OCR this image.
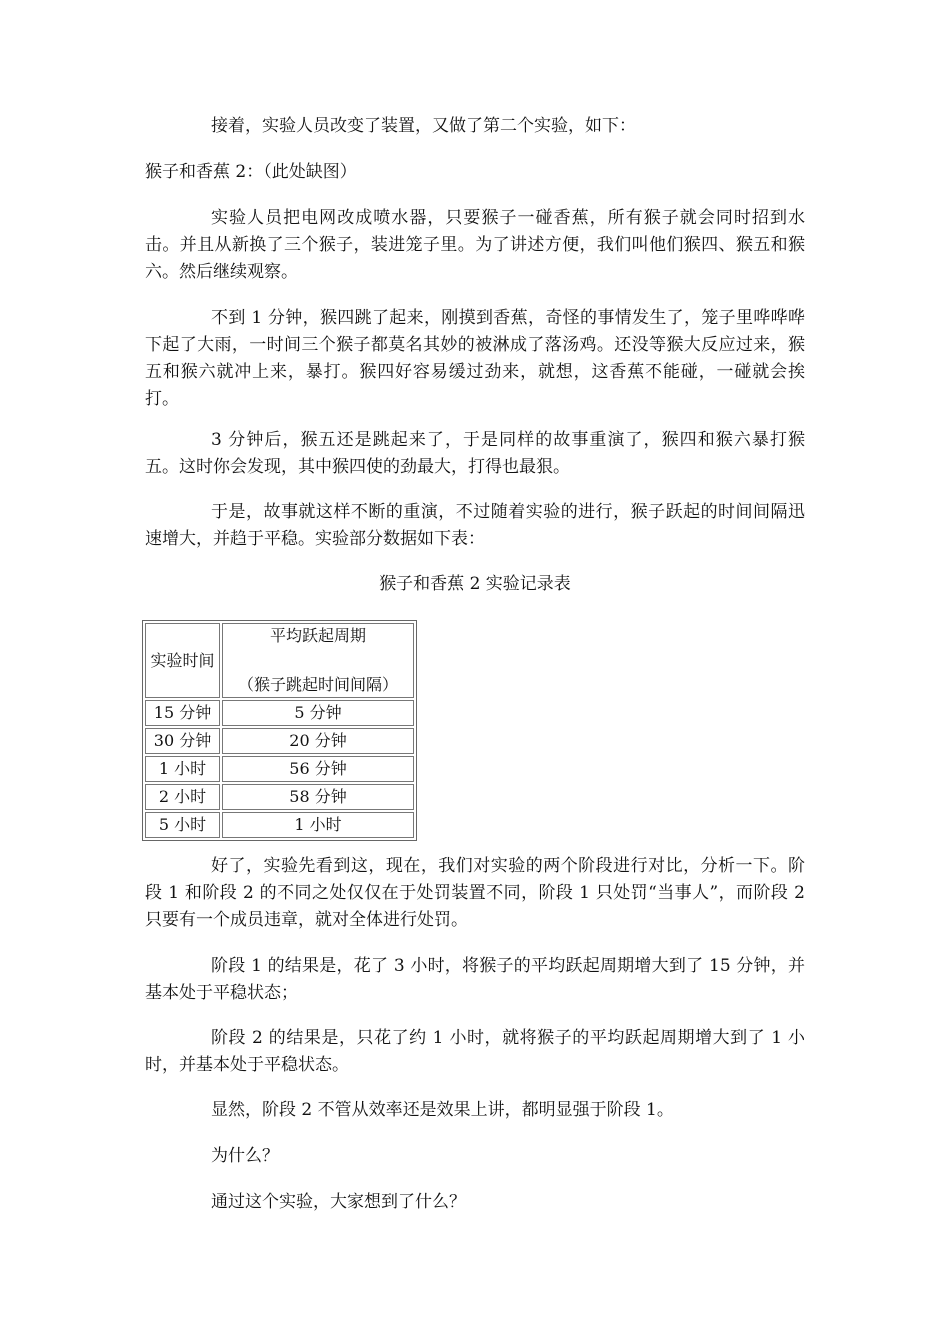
接着，实验人员改变了装置，又做了第二个实验，如下：

猴子和香蕉 2：（此处缺图）

实验人员把电网改成喷水器，只要猴子一碰香蕉，所有猴子就会同时招到水击。并且从新换了三个猴子，装进笼子里。为了讲述方便，我们叫他们猴四、猴五和猴六。然后继续观察。

不到 1 分钟，猴四跳了起来，刚摸到香蕉，奇怪的事情发生了，笼子里哗哗哗下起了大雨，一时间三个猴子都莫名其妙的被淋成了落汤鸡。还没等猴大反应过来，猴五和猴六就冲上来，暴打。猴四好容易缓过劲来，就想，这香蕉不能碰，一碰就会挨打。

3 分钟后，猴五还是跳起来了，于是同样的故事重演了，猴四和猴六暴打猴五。这时你会发现，其中猴四使的劲最大，打得也最狠。

于是，故事就这样不断的重演，不过随着实验的进行，猴子跃起的时间间隔迅速增大，并趋于平稳。实验部分数据如下表：

猴子和香蕉 2 实验记录表

实验时间	平均跃起周期
（猴子跳起时间间隔）

15 分钟	5 分钟
30 分钟	20 分钟
1 小时	56 分钟
2 小时	58 分钟
5 小时	1 小时

好了，实验先看到这，现在，我们对实验的两个阶段进行对比，分析一下。阶段 1 和阶段 2 的不同之处仅仅在于处罚装置不同，阶段 1 只处罚“当事人”，而阶段 2 只要有一个成员违章，就对全体进行处罚。

阶段 1 的结果是，花了 3 小时，将猴子的平均跃起周期增大到了 15 分钟，并基本处于平稳状态；

阶段 2 的结果是，只花了约 1 小时，就将猴子的平均跃起周期增大到了 1 小时，并基本处于平稳状态。

显然，阶段 2 不管从效率还是效果上讲，都明显强于阶段 1。

为什么？

通过这个实验，大家想到了什么？
